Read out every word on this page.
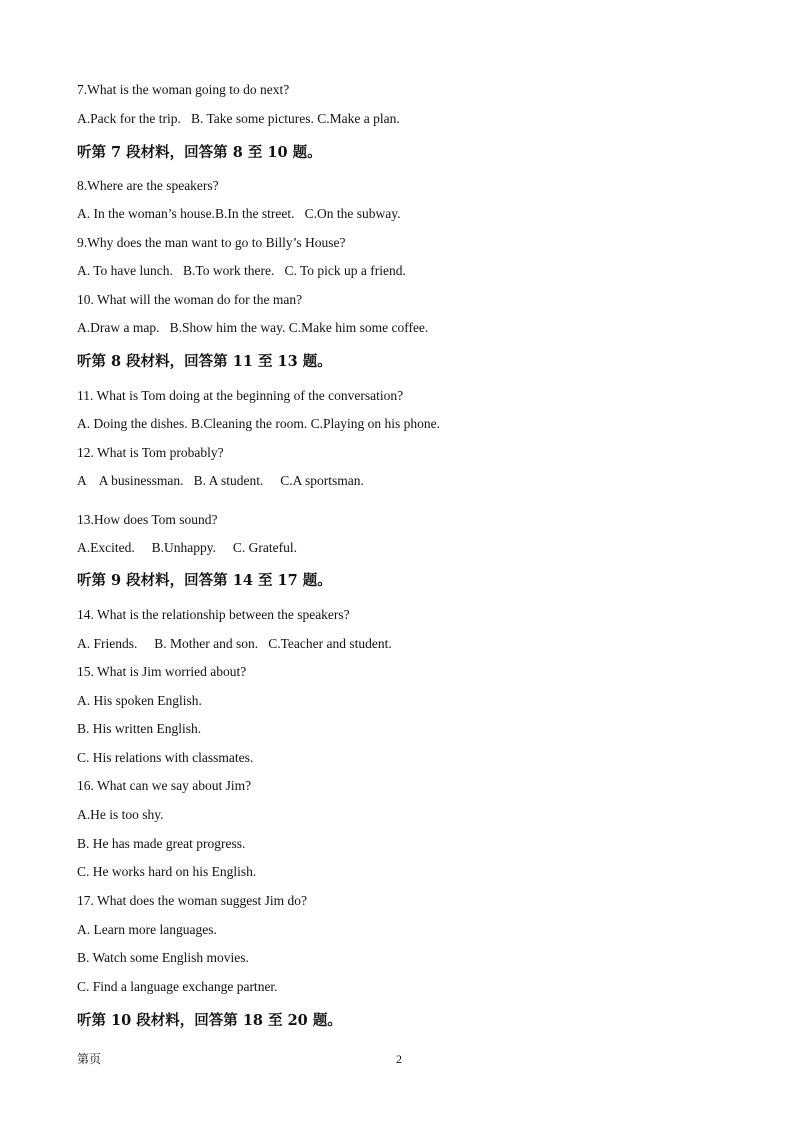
7.What is the woman going to do next?
A.Pack for the trip.   B. Take some pictures. C.Make a plan.
听第 7 段材料，回答第 8 至 10 题。
8.Where are the speakers?
A. In the woman’s house.B.In the street.   C.On the subway.
9.Why does the man want to go to Billy’s House?
A. To have lunch.   B.To work there.   C. To pick up a friend.
10. What will the woman do for the man?
A.Draw a map.   B.Show him the way. C.Make him some coffee.
听第 8 段材料，回答第 11 至 13 题。
11. What is Tom doing at the beginning of the conversation?
A. Doing the dishes. B.Cleaning the room. C.Playing on his phone.
12. What is Tom probably?
A    A businessman.   B. A student.     C.A sportsman.
13.How does Tom sound?
A.Excited.     B.Unhappy.     C. Grateful.
听第 9 段材料，回答第 14 至 17 题。
14. What is the relationship between the speakers?
A. Friends.     B. Mother and son.   C.Teacher and student.
15. What is Jim worried about?
A. His spoken English.
B. His written English.
C. His relations with classmates.
16. What can we say about Jim?
A.He is too shy.
B. He has made great progress.
C. He works hard on his English.
17. What does the woman suggest Jim do?
A. Learn more languages.
B. Watch some English movies.
C. Find a language exchange partner.
听第 10 段材料，回答第 18 至 20 题。
第页	2
